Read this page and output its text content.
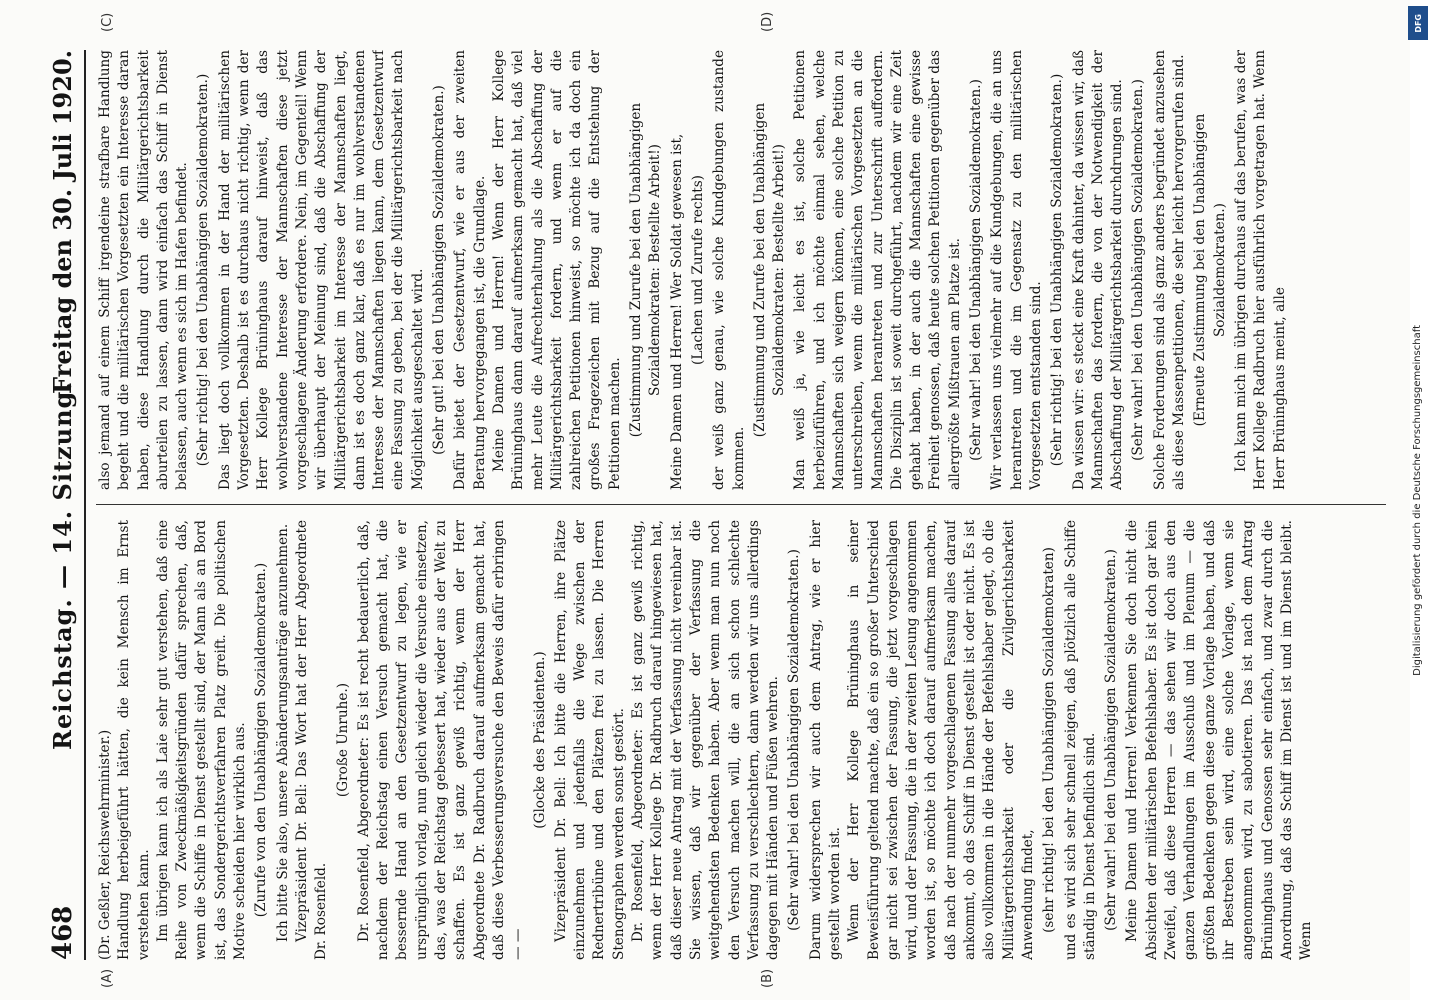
468
Reichstag. — 14. Sitzung.
Freitag den 30. Juli 1920.
(A)	(B)
(C)	(D)

(Dr. Geßler, Reichswehrminister.) Handlung herbeigeführt hätten, die kein Mensch im Ernst verstehen kann. Im übrigen kann ich als Laie sehr gut verstehen, daß eine Reihe von Zweckmäßigkeitsgründen dafür sprechen, daß, wenn die Schiffe in Dienst gestellt sind, der Mann als an Bord ist, das Sondergerichtsverfahren Platz greift. Die politischen Motive scheiden hier wirklich aus. (Zurufe von den Unabhängigen Sozialdemokraten.) Ich bitte Sie also, unsere Abänderungsanträge anzunehmen. Vizepräsident Dr. Bell: Das Wort hat der Herr Abgeordnete Dr. Rosenfeld.

(Große Unruhe.) Dr. Rosenfeld, Abgeordneter: Es ist recht bedauerlich, daß, nachdem der Reichstag einen Versuch gemacht hat, die bessernde Hand an den Gesetzentwurf zu legen, wie er ursprünglich vorlag, nun gleich wieder die Versuche einsetzen, das, was der Reichstag gebessert hat, wieder aus der Welt zu schaffen. Es ist ganz gewiß richtig, wenn der Herr Abgeordnete Dr. Radbruch darauf aufmerksam gemacht hat, daß diese Verbesserungsversuche den Beweis dafür erbringen — —

(Glocke des Präsidenten.) Vizepräsident Dr. Bell: Ich bitte die Herren, ihre Plätze einzunehmen und jedenfalls die Wege zwischen der Rednertribüne und den Plätzen frei zu lassen. Die Herren Stenographen werden sonst gestört. Dr. Rosenfeld, Abgeordneter: Es ist ganz gewiß richtig, wenn der Herr Kollege Dr. Radbruch darauf hingewiesen hat, daß dieser neue Antrag mit der Verfassung nicht vereinbar ist. Sie wissen, daß wir gegenüber der Verfassung die weitgehendsten Bedenken haben. Aber wenn man nun noch den Versuch machen will, die an sich schon schlechte Verfassung zu verschlechtern, dann werden wir uns allerdings dagegen mit Händen und Füßen wehren. (Sehr wahr! bei den Unabhängigen Sozialdemokraten.) Darum widersprechen wir auch dem Antrag, wie er hier gestellt worden ist. Wenn der Herr Kollege Brüninghaus in seiner Beweisführung geltend machte, daß ein so großer Unterschied gar nicht sei zwischen der Fassung, die jetzt vorgeschlagen wird, und der Fassung, die in der zweiten Lesung angenommen worden ist, so möchte ich doch darauf aufmerksam machen, daß nach der nunmehr vorgeschlagenen Fassung alles darauf ankommt, ob das Schiff in Dienst gestellt ist oder nicht. Es ist also vollkommen in die Hände der Befehlshaber gelegt, ob die Militärgerichtsbarkeit oder die Zivilgerichtsbarkeit Anwendung findet, (sehr richtig! bei den Unabhängigen Sozialdemokraten) und es wird sich sehr schnell zeigen, daß plötzlich alle Schiffe ständig in Dienst befindlich sind. (Sehr wahr! bei den Unabhängigen Sozialdemokraten.) Meine Damen und Herren! Verkennen Sie doch nicht die Absichten der militärischen Befehlshaber. Es ist doch gar kein Zweifel, daß diese Herren — das sehen wir doch aus den ganzen Verhandlungen im Ausschuß und im Plenum — die größten Bedenken gegen diese ganze Vorlage haben, und daß ihr Bestreben sein wird, eine solche Vorlage, wenn sie angenommen wird, zu sabotieren. Das ist nach dem Antrag Brüninghaus und Genossen sehr einfach, und zwar durch die Anordnung, daß das Schiff im Dienst ist und im Dienst bleibt. Wenn

also jemand auf einem Schiff irgendeine strafbare Handlung begeht und die militärischen Vorgesetzten ein Interesse daran haben, diese Handlung durch die Militärgerichtsbarkeit aburteilen zu lassen, dann wird einfach das Schiff in Dienst belassen, auch wenn es sich im Hafen befindet. (Sehr richtig! bei den Unabhängigen Sozialdemokraten.) Das liegt doch vollkommen in der Hand der militärischen Vorgesetzten. Deshalb ist es durchaus nicht richtig, wenn der Herr Kollege Brüninghaus darauf hinweist, daß das wohlverstandene Interesse der Mannschaften diese jetzt vorgeschlagene Änderung erfordere. Nein, im Gegenteil! Wenn wir überhaupt der Meinung sind, daß die Abschaffung der Militärgerichtsbarkeit im Interesse der Mannschaften liegt, dann ist es doch ganz klar, daß es nur im wohlverstandenen Interesse der Mannschaften liegen kann, dem Gesetzentwurf eine Fassung zu geben, bei der die Militärgerichtsbarkeit nach Möglichkeit ausgeschaltet wird. (Sehr gut! bei den Unabhängigen Sozialdemokraten.) Dafür bietet der Gesetzentwurf, wie er aus der zweiten Beratung hervorgegangen ist, die Grundlage. Meine Damen und Herren! Wenn der Herr Kollege Brüninghaus dann darauf aufmerksam gemacht hat, daß viel mehr Leute die Aufrechterhaltung als die Abschaffung der Militärgerichtsbarkeit fordern, und wenn er auf die zahlreichen Petitionen hinweist, so möchte ich da doch ein großes Fragezeichen mit Bezug auf die Entstehung der Petitionen machen. (Zustimmung und Zurufe bei den Unabhängigen Sozialdemokraten: Bestellte Arbeit!) Meine Damen und Herren! Wer Soldat gewesen ist, (Lachen und Zurufe rechts) der weiß ganz genau, wie solche Kundgebungen zustande kommen.

(Zustimmung und Zurufe bei den Unabhängigen Sozialdemokraten: Bestellte Arbeit!) Man weiß ja, wie leicht es ist, solche Petitionen herbeizuführen, und ich möchte einmal sehen, welche Mannschaften sich weigern können, eine solche Petition zu unterschreiben, wenn die militärischen Vorgesetzten an die Mannschaften herantreten und zur Unterschrift auffordern. Die Disziplin ist soweit durchgeführt, nachdem wir eine Zeit gehabt haben, in der auch die Mannschaften eine gewisse Freiheit genossen, daß heute solchen Petitionen gegenüber das allergrößte Mißtrauen am Platze ist. (Sehr wahr! bei den Unabhängigen Sozialdemokraten.) Wir verlassen uns vielmehr auf die Kundgebungen, die an uns herantreten und die im Gegensatz zu den militärischen Vorgesetzten entstanden sind. (Sehr richtig! bei den Unabhängigen Sozialdemokraten.) Da wissen wir: es steckt eine Kraft dahinter, da wissen wir, daß Mannschaften das fordern, die von der Notwendigkeit der Abschaffung der Militärgerichtsbarkeit durchdrungen sind. (Sehr wahr! bei den Unabhängigen Sozialdemokraten.) Solche Forderungen sind als ganz anders begründet anzusehen als diese Massenpetitionen, die sehr leicht hervorgerufen sind. (Erneute Zustimmung bei den Unabhängigen Sozialdemokraten.) Ich kann mich im übrigen durchaus auf das berufen, was der Herr Kollege Radbruch hier ausführlich vorgetragen hat. Wenn Herr Brüninghaus meint, alle	Digitalisierung gefördert durch die Deutsche Forschungsgemeinschaft
DFG
